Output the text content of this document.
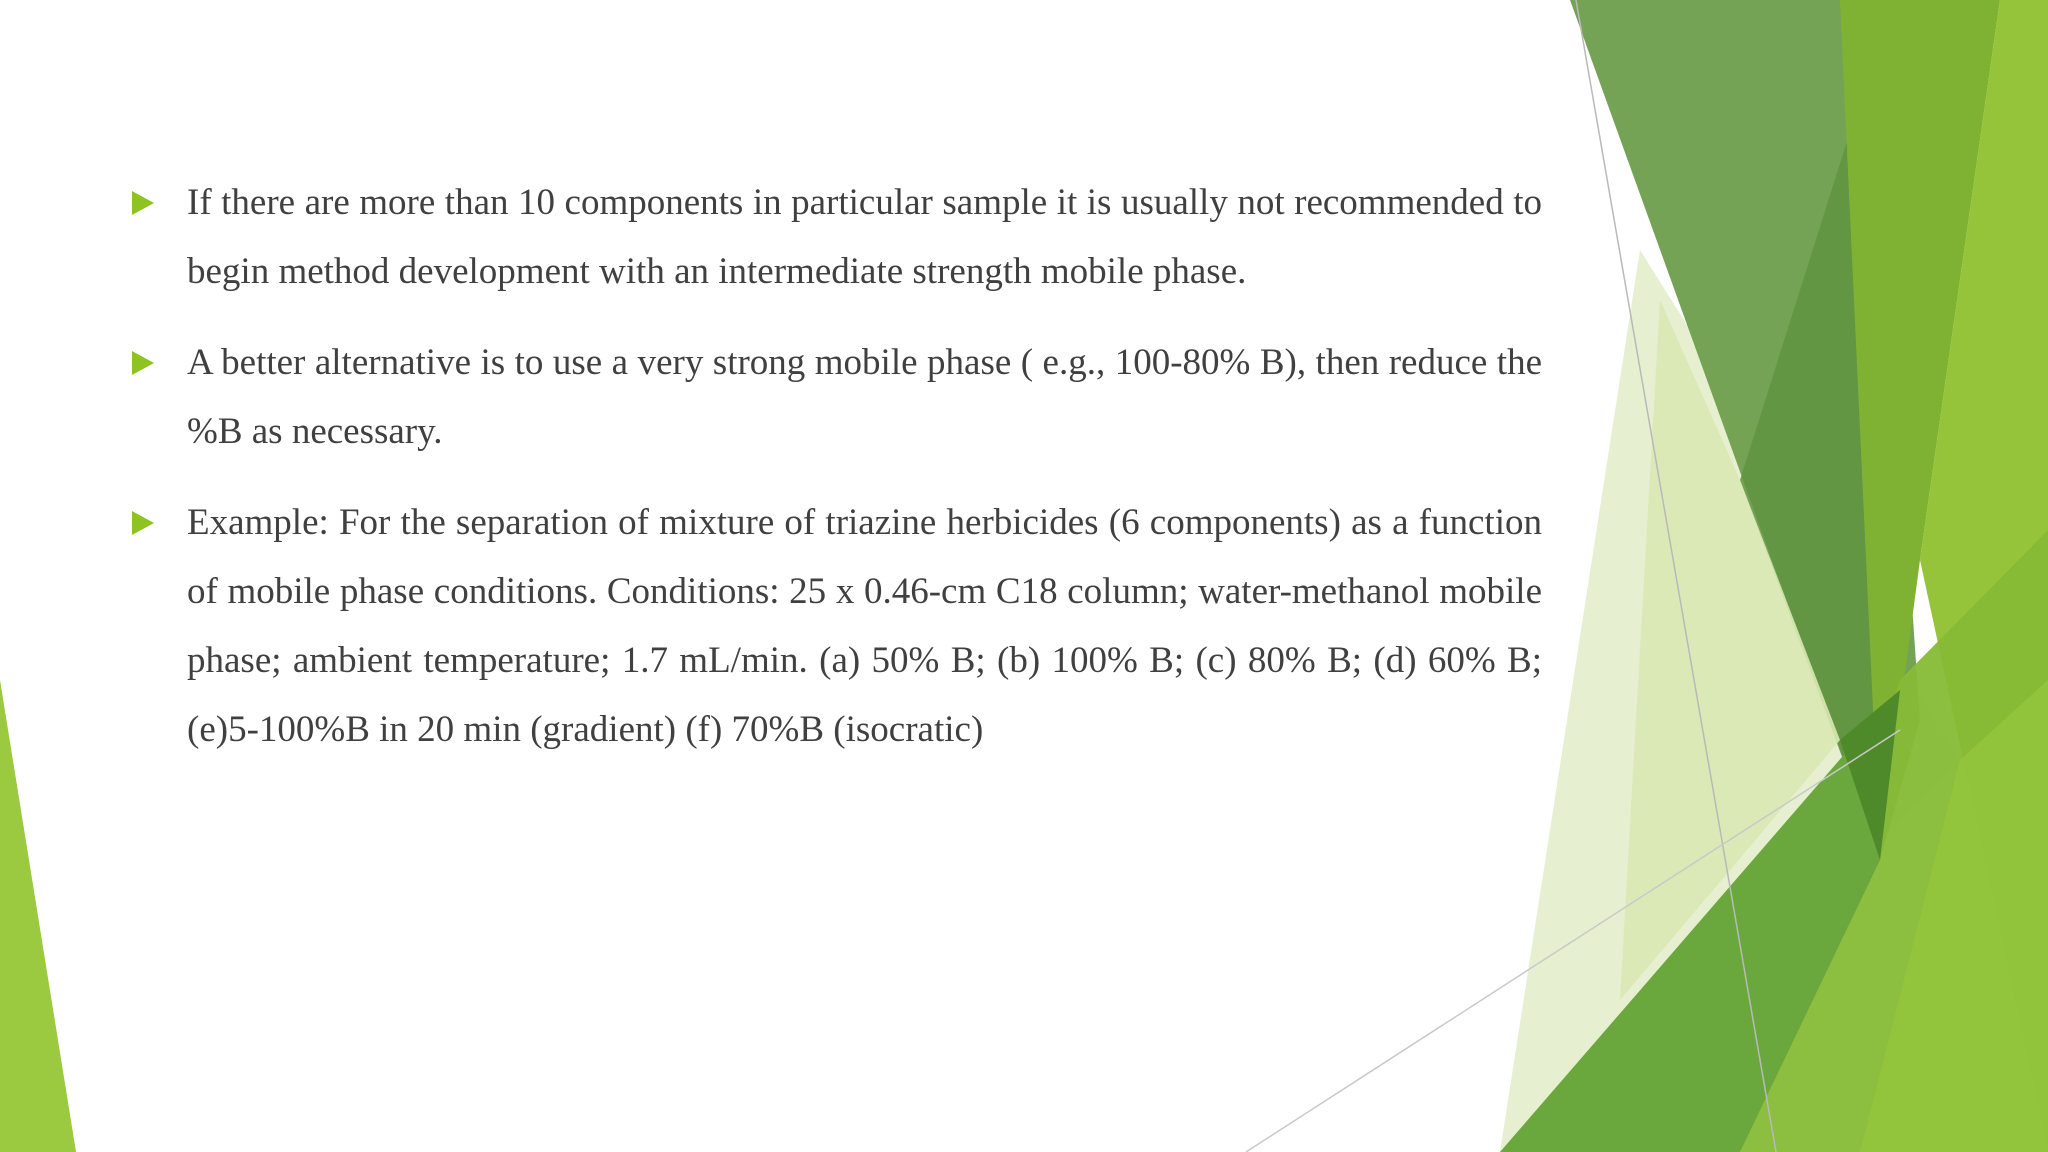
If there are more than 10 components in particular sample it is usually not recommended to begin method development with an intermediate strength mobile phase.
A better alternative is to use a very strong mobile phase ( e.g., 100-80% B), then reduce the %B as necessary.
Example: For the separation of mixture of triazine herbicides (6 components) as a function of mobile phase conditions. Conditions: 25 x 0.46-cm C18 column; water-methanol mobile phase; ambient temperature; 1.7 mL/min. (a) 50% B; (b) 100% B; (c) 80% B; (d) 60% B; (e)5-100%B in 20 min (gradient) (f) 70%B (isocratic)
